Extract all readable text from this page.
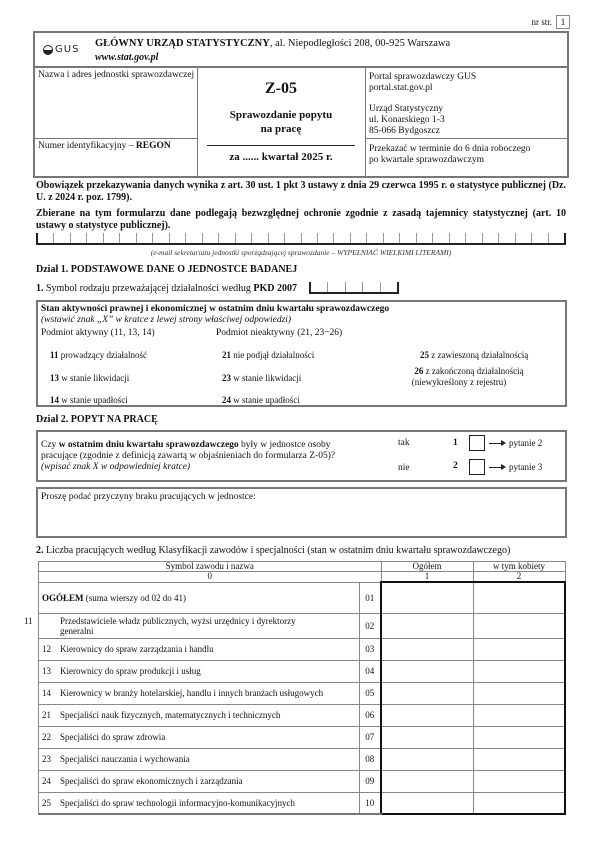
nr str. 1
GUS
GŁÓWNY URZĄD STATYSTYCZNY, al. Niepodległości 208, 00-925 Warszawa
www.stat.gov.pl
Nazwa i adres jednostki sprawozdawczej
Numer identyfikacyjny – REGON
Z-05
Sprawozdanie popytu
na pracę
za ...... kwartał 2025 r.
Portal sprawozdawczy GUS
portal.stat.gov.pl
Urząd Statystyczny
ul. Konarskiego 1-3
85-066 Bydgoszcz
Przekazać w terminie do 6 dnia roboczego
po kwartale sprawozdawczym
Obowiązek przekazywania danych wynika z art. 30 ust. 1 pkt 3 ustawy z dnia 29 czerwca 1995 r. o statystyce publicznej (Dz. U. z 2024 r. poz. 1799).
Zbierane na tym formularzu dane podlegają bezwzględnej ochronie zgodnie z zasadą tajemnicy statystycznej (art. 10 ustawy o statystyce publicznej).
(e-mail sekretariatu jednostki sporządzającej sprawozdanie – WYPEŁNIAĆ WIELKIMI LITERAMI)
Dział 1. PODSTAWOWE DANE O JEDNOSTCE BADANEJ
1. Symbol rodzaju przeważającej działalności według PKD 2007
Stan aktywności prawnej i ekonomicznej w ostatnim dniu kwartału sprawozdawczego
(wstawić znak „X” w kratce z lewej strony właściwej odpowiedzi)
Podmiot aktywny (11, 13, 14)	Podmiot nieaktywny (21, 23−26)
11 prowadzący działalność
13 w stanie likwidacji
14 w stanie upadłości
21 nie podjął działalności
23 w stanie likwidacji
24 w stanie upadłości
25 z zawieszoną działalnością
26 z zakończoną działalnością
(niewykreślony z rejestru)
Dział 2. POPYT NA PRACĘ
Czy w ostatnim dniu kwartału sprawozdawczego były w jednostce osoby
pracujące (zgodnie z definicją zawartą w objaśnieniach do formularza Z-05)?
(wpisać znak X w odpowiedniej kratce)
tak	1	pytanie 2
nie	2	pytanie 3
Proszę podać przyczyny braku pracujących w jednostce:
2. Liczba pracujących według Klasyfikacji zawodów i specjalności (stan w ostatnim dniu kwartału sprawozdawczego)
Symbol zawodu i nazwa		Ogółem	w tym kobiety
0		1	2
OGÓŁEM (suma wierszy od 02 do 41)	01		
11 Przedstawiciele władz publicznych, wyżsi urzędnicy i dyrektorzy generalni	02		
12 Kierownicy do spraw zarządzania i handlu	03		
13 Kierownicy do spraw produkcji i usług	04		
14 Kierownicy w branży hotelarskiej, handlu i innych branżach usługowych	05		
21 Specjaliści nauk fizycznych, matematycznych i technicznych	06		
22 Specjaliści do spraw zdrowia	07		
23 Specjaliści nauczania i wychowania	08		
24 Specjaliści do spraw ekonomicznych i zarządzania	09		
25 Specjaliści do spraw technologii informacyjno-komunikacyjnych	10		
